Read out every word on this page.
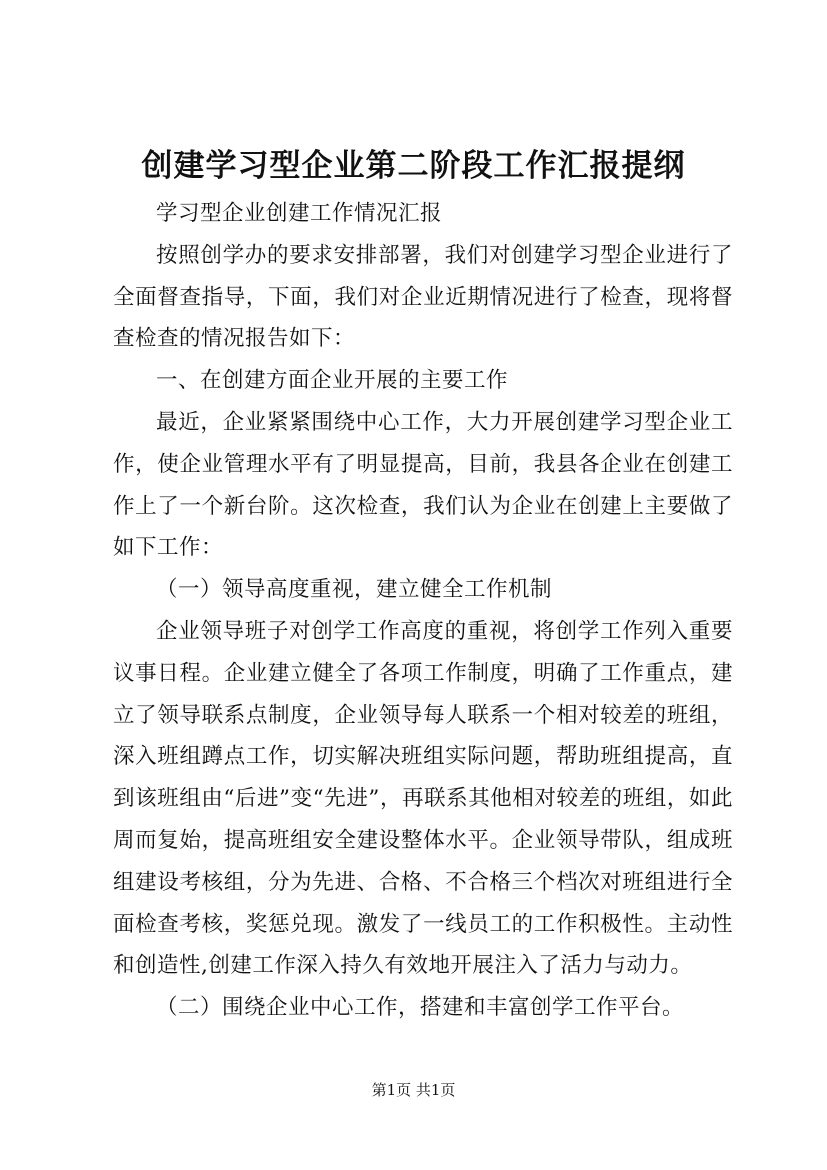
创建学习型企业第二阶段工作汇报提纲

学习型企业创建工作情况汇报

按照创学办的要求安排部署，我们对创建学习型企业进行了全面督查指导，下面，我们对企业近期情况进行了检查，现将督查检查的情况报告如下：

一、在创建方面企业开展的主要工作

最近，企业紧紧围绕中心工作，大力开展创建学习型企业工作，使企业管理水平有了明显提高，目前，我县各企业在创建工作上了一个新台阶。这次检查，我们认为企业在创建上主要做了如下工作：

（一）领导高度重视，建立健全工作机制

企业领导班子对创学工作高度的重视，将创学工作列入重要议事日程。企业建立健全了各项工作制度，明确了工作重点，建立了领导联系点制度，企业领导每人联系一个相对较差的班组，深入班组蹲点工作，切实解决班组实际问题，帮助班组提高，直到该班组由“后进”变“先进”，再联系其他相对较差的班组，如此周而复始，提高班组安全建设整体水平。企业领导带队，组成班组建设考核组，分为先进、合格、不合格三个档次对班组进行全面检查考核，奖惩兑现。激发了一线员工的工作积极性。主动性和创造性,创建工作深入持久有效地开展注入了活力与动力。

（二）围绕企业中心工作，搭建和丰富创学工作平台。

第1页 共1页
